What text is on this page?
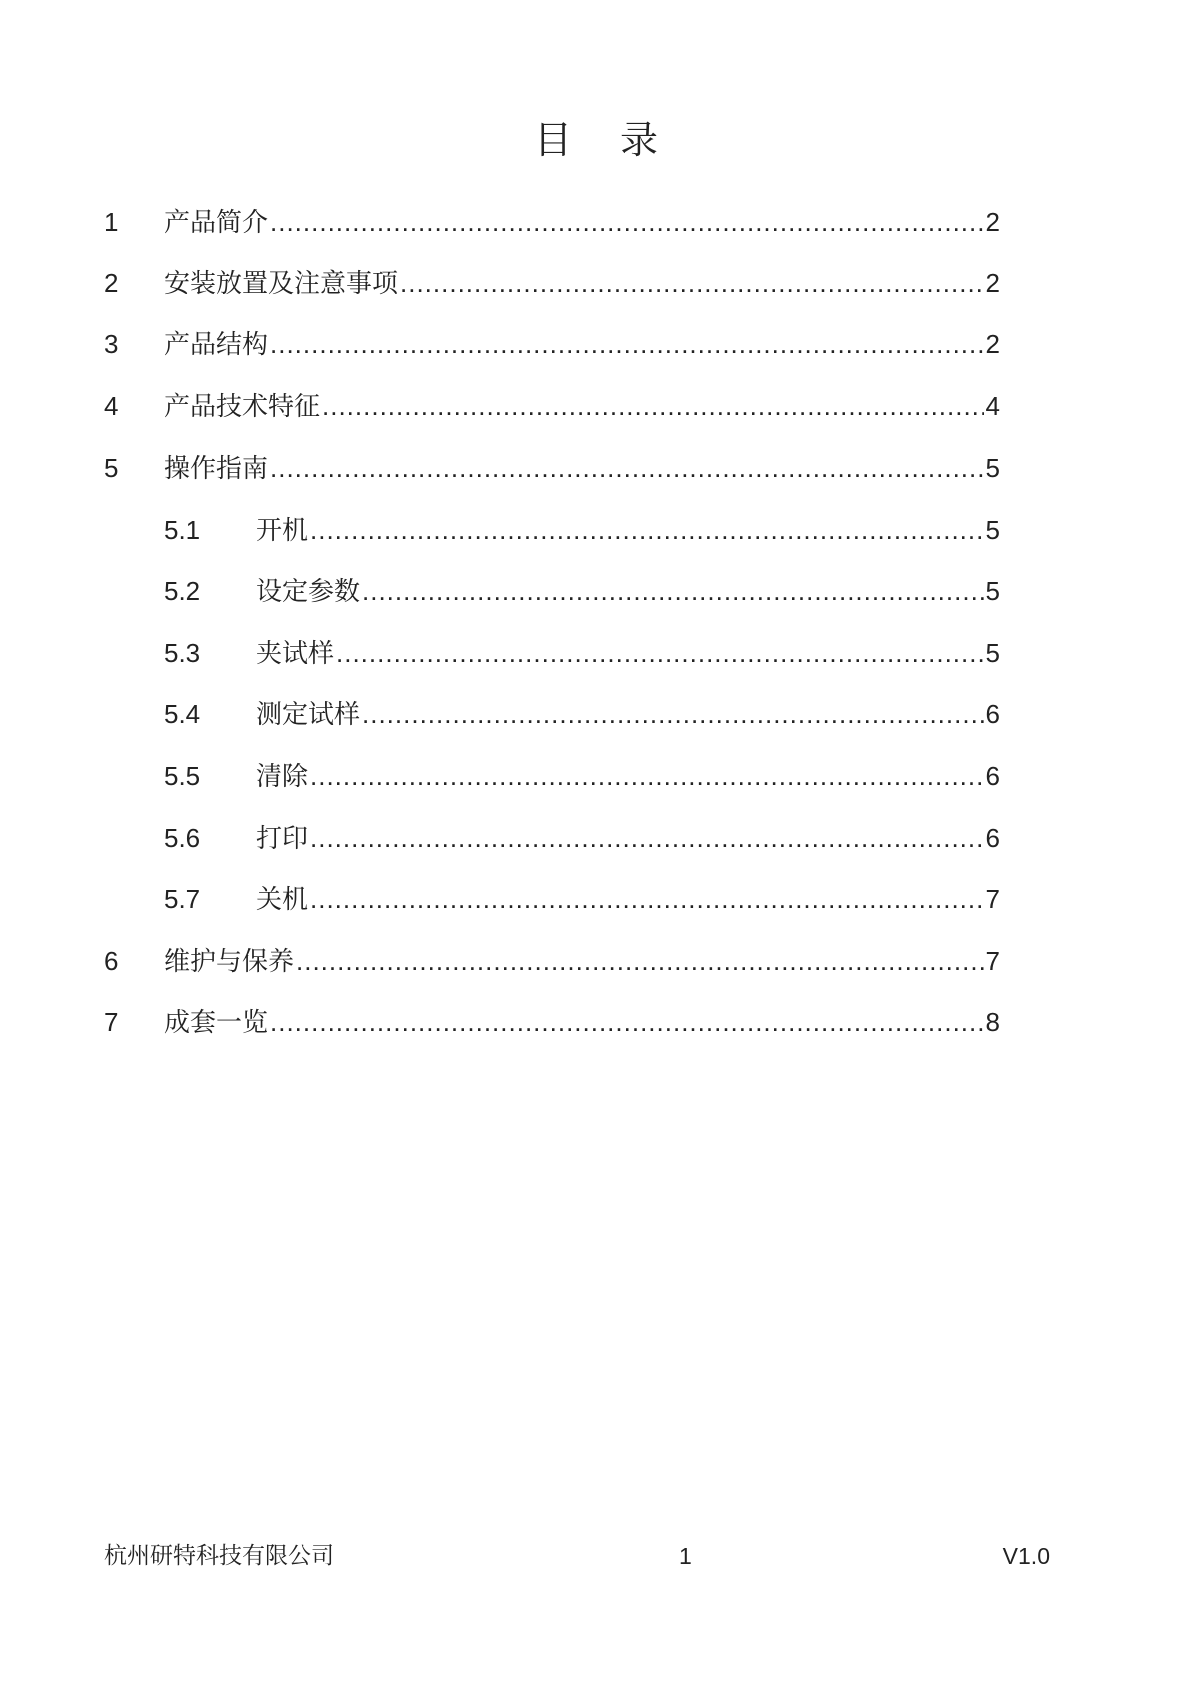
目 录
1	产品简介 .....	2
2	安装放置及注意事项 .....	2
3	产品结构 .....	2
4	产品技术特征 .....	4
5	操作指南 .....	5
5.1	开机 .....	5
5.2	设定参数 .....	5
5.3	夹试样 .....	5
5.4	测定试样 .....	6
5.5	清除 .....	6
5.6	打印 .....	6
5.7	关机 .....	7
6	维护与保养 .....	7
7	成套一览 .....	8
杭州研特科技有限公司	1	V1.0
